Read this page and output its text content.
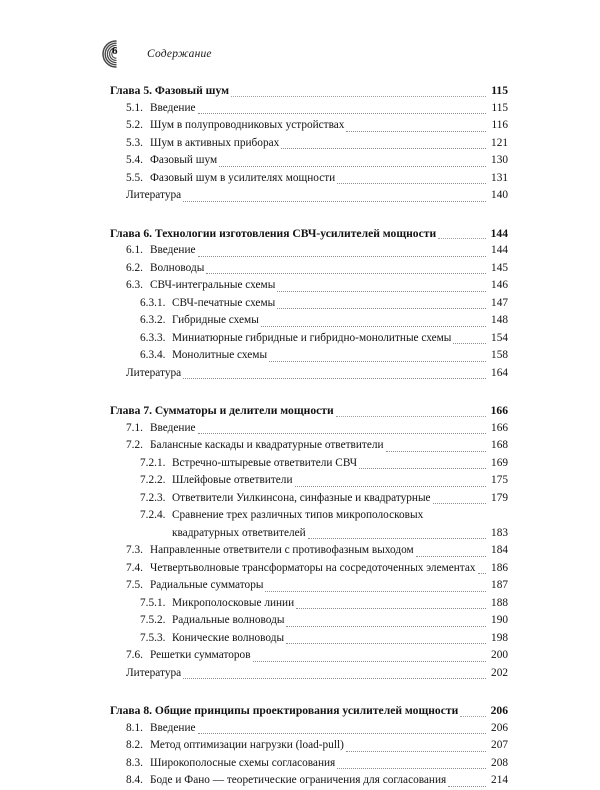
6	Содержание
Глава 5. Фазовый шум	115
5.1. Введение	115
5.2. Шум в полупроводниковых устройствах	116
5.3. Шум в активных приборах	121
5.4. Фазовый шум	130
5.5. Фазовый шум в усилителях мощности	131
Литература	140
Глава 6. Технологии изготовления СВЧ-усилителей мощности	144
6.1. Введение	144
6.2. Волноводы	145
6.3. СВЧ-интегральные схемы	146
6.3.1. СВЧ-печатные схемы	147
6.3.2. Гибридные схемы	148
6.3.3. Миниатюрные гибридные и гибридно-монолитные схемы	154
6.3.4. Монолитные схемы	158
Литература	164
Глава 7. Сумматоры и делители мощности	166
7.1. Введение	166
7.2. Балансные каскады и квадратурные ответвители	168
7.2.1. Встречно-штыревые ответвители СВЧ	169
7.2.2. Шлейфовые ответвители	175
7.2.3. Ответвители Уилкинсона, синфазные и квадратурные	179
7.2.4. Сравнение трех различных типов микрополосковых
квадратурных ответвителей	183
7.3. Направленные ответвители с противофазным выходом	184
7.4. Четвертьволновые трансформаторы на сосредоточенных элементах	186
7.5. Радиальные сумматоры	187
7.5.1. Микрополосковые линии	188
7.5.2. Радиальные волноводы	190
7.5.3. Конические волноводы	198
7.6. Решетки сумматоров	200
Литература	202
Глава 8. Общие принципы проектирования усилителей мощности	206
8.1. Введение	206
8.2. Метод оптимизации нагрузки (load-pull)	207
8.3. Широкополосные схемы согласования	208
8.4. Боде и Фано — теоретические ограничения для согласования	214
